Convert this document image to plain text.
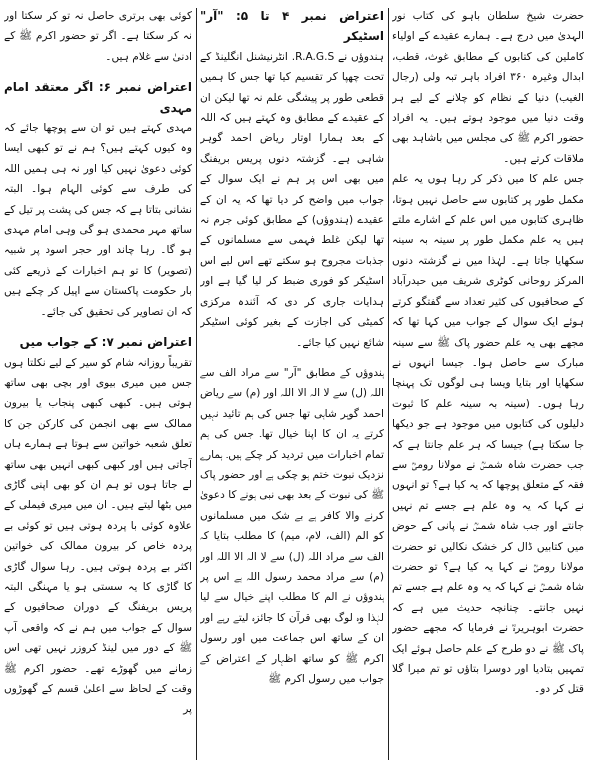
حضرت شیخ سلطان باہو کی کتاب نور الہدیٰ میں درج ہے۔ ہمارے عقیدے کے اولیاء کاملین کی کتابوں کے مطابق غوث، قطب، ابدال وغیرہ ۳۶۰ افراد باہر تبہ ولی (رجال الغیب) دنیا کے نظام کو چلانے کے لیے ہر وقت دنیا میں موجود ہوتے ہیں۔ یہ افراد حضور اکرم ﷺ کی مجلس میں باشاہد بھی ملاقات کرتے ہیں۔

جس علم کا میں ذکر کر رہا ہوں یہ علم مکمل طور پر کتابوں سے حاصل نہیں ہوتا، ظاہری کتابوں میں اس علم کے اشارے ملتے ہیں یہ علم مکمل طور پر سینہ بہ سینہ سکھایا جاتا ہے۔ لہٰذا میں نے گزشتہ دنوں المرکز روحانی کوٹری شریف میں حیدرآباد کے صحافیوں کی کثیر تعداد سے گفتگو کرتے ہوئے ایک سوال کے جواب میں کہا تھا کہ مجھے بھی یہ علم حضور پاک ﷺ سے سینہ مبارک سے حاصل ہوا۔ جیسا انہوں نے سکھایا اور بتایا ویسا ہی لوگوں تک پہنچا رہا ہوں۔ (سینہ بہ سینہ علم کا ثبوت دلیلوں کی کتابوں میں موجود ہے جو دیکھا جا سکتا ہے) جیسا کہ ہر علم جانتا ہے کہ جب حضرت شاہ شمسؒ نے مولانا رومیؒ سے فقہ کے متعلق پوچھا کہ یہ کیا ہے؟ تو انہوں نے کہا کہ یہ وہ علم ہے جسے تم نہیں جانتے اور جب شاہ شمسؒ نے پانی کے حوض میں کتابیں ڈال کر خشک نکالیں تو حضرت مولانا رومیؒ نے کہا یہ کیا ہے؟ تو حضرت شاہ شمسؒ نے کہا کہ یہ وہ علم ہے جسے تم نہیں جانتے۔ چنانچہ حدیث میں ہے کہ حضرت ابوہریرہؓ نے فرمایا کہ مجھے حضور پاک ﷺ نے دو طرح کے علم حاصل ہوئے ایک تمہیں بتادیا اور دوسرا بتاؤں تو تم میرا گلا قتل کر دو۔

اعتراض نمبر ۴ تا ۵: "آر" اسٹیکر

ہندوؤں نے R.A.G.S. انٹرنیشنل انگلینڈ کے تحت چھپا کر تقسیم کیا تھا جس کا ہمیں قطعی طور پر پیشگی علم نہ تھا لیکن ان کے عقیدے کے مطابق وہ کہتے ہیں کہ اللہ کے بعد ہمارا اوتار ریاض احمد گوہر شاہی ہے۔ گزشتہ دنوں پریس بریفنگ میں بھی اس پر ہم نے ایک سوال کے جواب میں واضح کر دیا تھا کہ یہ ان کے عقیدے (ہندوؤں) کے مطابق کوئی جرم نہ تھا لیکن غلط فہمی سے مسلمانوں کے جذبات مجروح ہو سکتے تھے اس لیے اس اسٹیکر کو فوری ضبط کر لیا گیا ہے اور ہدایات جاری کر دی کہ آئندہ مرکزی کمیٹی کی اجازت کے بغیر کوئی اسٹیکر شائع نہیں کیا جائے۔

ہندوؤں کے مطابق "آر" سے مراد الف سے اللہ (ل) سے لا الہ الا اللہ اور (م) سے ریاض احمد گوہر شاہی تھا جس کی ہم تائید نہیں کرتے یہ ان کا اپنا خیال تھا۔ جس کی ہم تمام اخبارات میں تردید کر چکے ہیں۔ ہمارے نزدیک نبوت ختم ہو چکی ہے اور حضور پاک ﷺ کی نبوت کے بعد بھی نبی ہونے کا دعویٰ کرنے والا کافر ہے بے شک میں مسلمانوں کو الم (الف، لام، میم) کا مطلب بتایا کہ الف سے مراد اللہ (ل) سے لا الہ الا اللہ اور (م) سے مراد محمد رسول اللہ ہے اس پر ہندوؤں نے الم کا مطلب اپنے خیال سے لیا لہٰذا وہ لوگ بھی قرآن کا جائزہ لیتے رہے اور ان کے ساتھ اس جماعت میں اور رسول اکرم ﷺ کو ساتھ اظہار کے اعتراض کے جواب میں رسول اکرم ﷺ

کوئی بھی برتری حاصل نہ تو کر سکتا اور نہ کر سکتا ہے۔ اگر تو حضور اکرم ﷺ کے ادنیٰ سے غلام ہیں۔

اعتراض نمبر ۶: اگر معتقد امام مہدی

مہدی کہتے ہیں تو ان سے پوچھا جائے کہ وہ کیوں کہتے ہیں؟ ہم نے تو کبھی ایسا کوئی دعویٰ نہیں کیا اور نہ ہی ہمیں اللہ کی طرف سے کوئی الہام ہوا۔ البتہ نشانی بتاتا ہے کہ جس کی پشت پر تیل کے ساتھ مہر محمدی ہو گی وہی امام مہدی ہو گا۔ رہا چاند اور حجر اسود پر شبیہ (تصویر) کا تو ہم اخبارات کے ذریعے کئی بار حکومت پاکستان سے اپیل کر چکے ہیں کہ ان تصاویر کی تحقیق کی جائے۔

اعتراض نمبر ۷: کے جواب میں

تقریباً روزانہ شام کو سیر کے لیے نکلتا ہوں جس میں میری بیوی اور بچی بھی ساتھ ہوتی ہیں۔ کبھی کبھی پنجاب یا بیرون ممالک سے بھی انجمن کی کارکن جن کا تعلق شعبہ خواتین سے ہوتا ہے ہمارے ہاں آجاتی ہیں اور کبھی کبھی انہیں بھی ساتھ لے جاتا ہوں تو ہم ان کو بھی اپنی گاڑی میں بٹھا لیتے ہیں۔ ان میں میری فیملی کے علاوہ کوئی با پردہ ہوتی ہیں تو کوئی بے پردہ خاص کر بیرون ممالک کی خواتین اکثر بے پردہ ہوتی ہیں۔ رہا سوال گاڑی کا گاڑی کا یہ سستی ہو یا مہنگی البتہ پریس بریفنگ کے دوران صحافیوں کے سوال کے جواب میں ہم نے کہ واقعی آپ ﷺ کے دور میں لینڈ کروزر نہیں تھی اس زمانے میں گھوڑے تھے۔ حضور اکرم ﷺ وقت کے لحاظ سے اعلیٰ قسم کے گھوڑوں پر
